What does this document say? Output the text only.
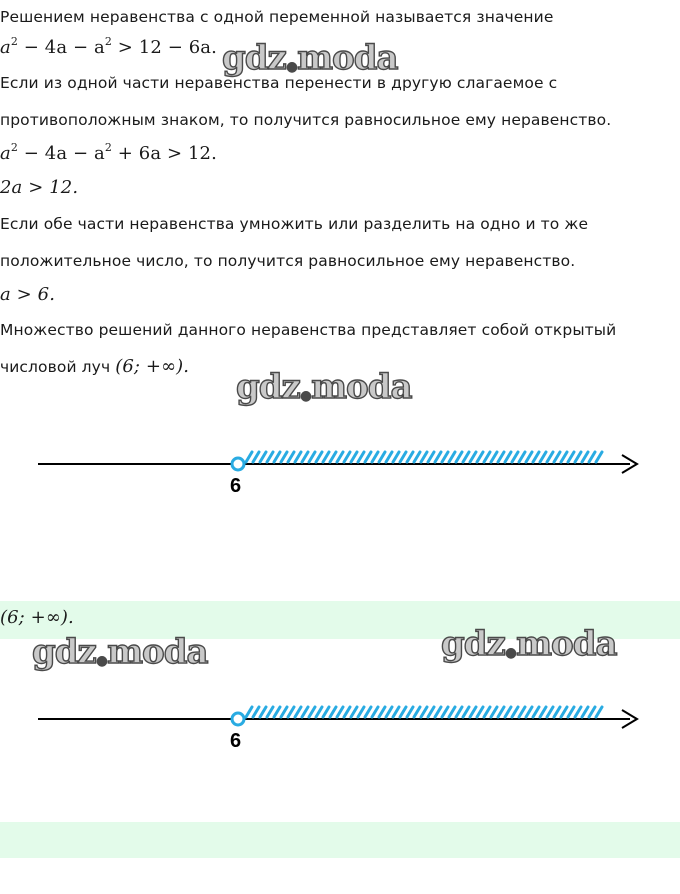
Решением неравенства с одной переменной называется значение
$a^2 - 4a - a^2 > 12 - 6a$.
Если из одной части неравенства перенести в другую слагаемое с
противоположным знаком, то получится равносильное ему неравенство.
$a^2 - 4a - a^2 + 6a > 12$.
2a > 12.
Если обе части неравенства умножить или разделить на одно и то же
положительное число, то получится равносильное ему неравенство.
a > 6.
Множество решений данного неравенства представляет собой открытый
числовой луч (6; +∞).
(6; +∞).
gdz●moda
gdz●moda
gdz●moda	gdz●moda
6
6
